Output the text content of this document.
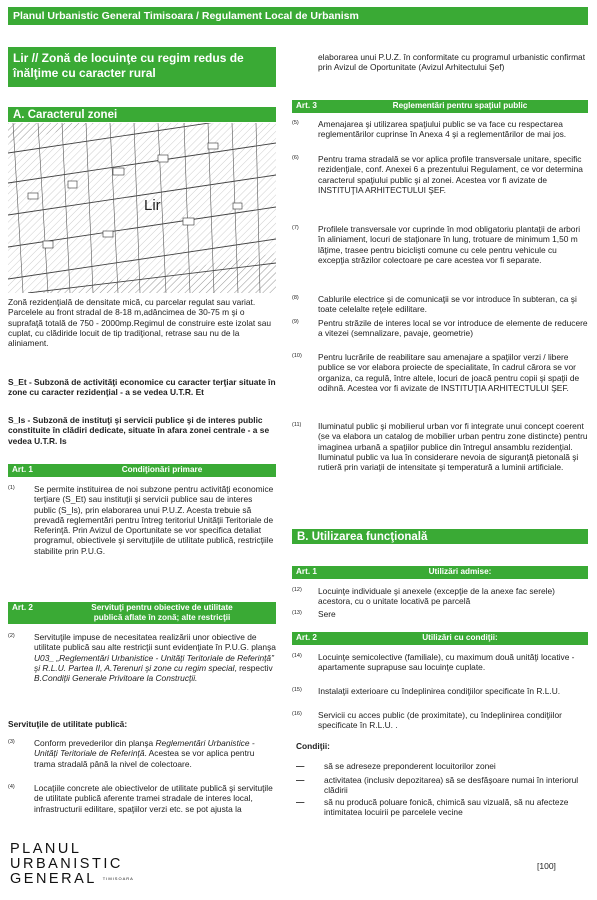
Planul Urbanistic General Timisoara / Regulament Local de Urbanism
Lir // Zonă de locuinţe cu regim redus de înălţime cu caracter rural
A. Caracterul zonei
Lir
Zonă rezidenţială de densitate mică, cu parcelar regulat sau variat. Parcelele au front stradal de 8-18 m,adâncimea de 30-75 m şi o suprafaţă totală de 750 - 2000mp.Regimul de construire este izolat sau cuplat, cu clădiride locuit de tip tradiţional, retrase sau nu de la aliniament.
S_Et - Subzonă de activităţi economice cu caracter terţiar situate în zone cu caracter rezidenţial - a se vedea U.T.R. Et
S_Is - Subzonă de instituţi şi servicii publice şi de interes public constituite în clădiri dedicate, situate în afara zonei centrale - a se vedea U.T.R. Is
Art. 1	Condiţionări primare
(1)	Se permite instituirea de noi subzone pentru activităţi economice terţiare (S_Et) sau instituţii şi servicii publice sau de interes public (S_Is), prin elaborarea unui P.U.Z. Acesta trebuie să prevadă reglementări pentru întreg teritoriul Unităţii Teritoriale de Referinţă. Prin Avizul de Oportunitate se vor specifica detaliat programul, obiectivele şi servituţiile de utilitate publică, restricţiile stabilite prin P.U.G.
Art. 2	Servituţi pentru obiective de utilitate
publică aflate în zonă; alte restricţii
(2)	Servituţile impuse de necesitatea realizării unor obiective de utilitate publică sau alte restricţii sunt evidenţiate în P.U.G. planşa U03_ „Reglementări Urbanistice - Unităţi Teritoriale de Referinţă” şi R.L.U. Partea II, A.Terenuri şi zone cu regim special, respectiv B.Condiţii Generale Privitoare la Construcţii.
Servituţile de utilitate publică:
(3)	Conform prevederilor din planşa Reglementări Urbanistice - Unităţi Teritoriale de Referinţă. Acestea se vor aplica pentru trama stradală până la nivel de colectoare.
(4)	Locaţiile concrete ale obiectivelor de utilitate publică şi servituţile de utilitate publică aferente tramei stradale de interes local, infrastructurii edilitare, spaţiilor verzi etc. se pot ajusta la
elaborarea unui P.U.Z. în conformitate cu programul urbanistic confirmat prin Avizul de Oportunitate (Avizul Arhitectului Şef)
Art. 3	Reglementări pentru spaţiul public
(5)	Amenajarea şi utilizarea spaţiului public se va face cu respectarea reglementărilor cuprinse în Anexa 4 şi a reglementărilor de mai jos.
(6)	Pentru trama stradală se vor aplica profile transversale unitare, specific rezidenţiale, conf. Anexei 6 a prezentului Regulament, ce vor determina caracterul spaţiului public şi al zonei. Acestea vor fi avizate de INSTITUŢIA ARHITECTULUI ŞEF.
(7)	Profilele transversale vor cuprinde în mod obligatoriu plantaţii de arbori în aliniament, locuri de staţionare în lung, trotuare de minimum 1,50 m lăţime, trasee pentru biciclişti comune cu cele pentru vehicule cu excepţia străzilor colectoare pe care acestea vor fi separate.
(8)	Cablurile electrice şi de comunicaţii se vor introduce în subteran, ca şi toate celelalte reţele edilitare.
(9)	Pentru străzile de interes local se vor introduce de elemente de reducere a vitezei (semnalizare, pavaje, geometrie)
(10)	Pentru lucrările de reabilitare sau amenajare a spaţiilor verzi / libere publice se vor elabora proiecte de specialitate, în cadrul cărora se vor organiza, ca regulă, între altele, locuri de joacă pentru copii şi spaţii de odihnă. Acestea vor fi avizate de INSTITUŢIA ARHITECTULUI ŞEF.
(11)	Iluminatul public şi mobilierul urban vor fi integrate unui concept coerent (se va elabora un catalog de mobilier urban pentru zone distincte) pentru imaginea urbană a spaţiilor publice din întregul ansamblu rezidenţial. Iluminatul public va lua în considerare nevoia de siguranţă pietonală şi rutieră prin variaţii de intensitate şi temperatură a luminii artificiale.
B. Utilizarea funcţională
Art. 1	Utilizări admise:
(12)	Locuinţe individuale şi anexele (excepţie de la anexe fac serele) acestora, cu o unitate locativă pe parcelă
(13)	Sere
Art. 2	Utilizări cu condiţii:
(14)	Locuinţe semicolective (familiale), cu maximum două unităţi locative - apartamente suprapuse sau locuinţe cuplate.
(15)	Instalaţii exterioare cu îndeplinirea condiţiilor specificate în R.L.U.
(16)	Servicii cu acces public (de proximitate), cu îndeplinirea condiţiilor specificate în R.L.U. .
Condiţii:
—	să se adreseze preponderent locuitorilor zonei
—	activitatea (inclusiv depozitarea) să se desfăşoare numai în interiorul clădirii
—	să nu producă poluare fonică, chimică sau vizuală, să nu afecteze intimitatea locuirii pe parcelele vecine
PLANUL
URBANISTIC
GENERAL TIMISOARA
[100]
